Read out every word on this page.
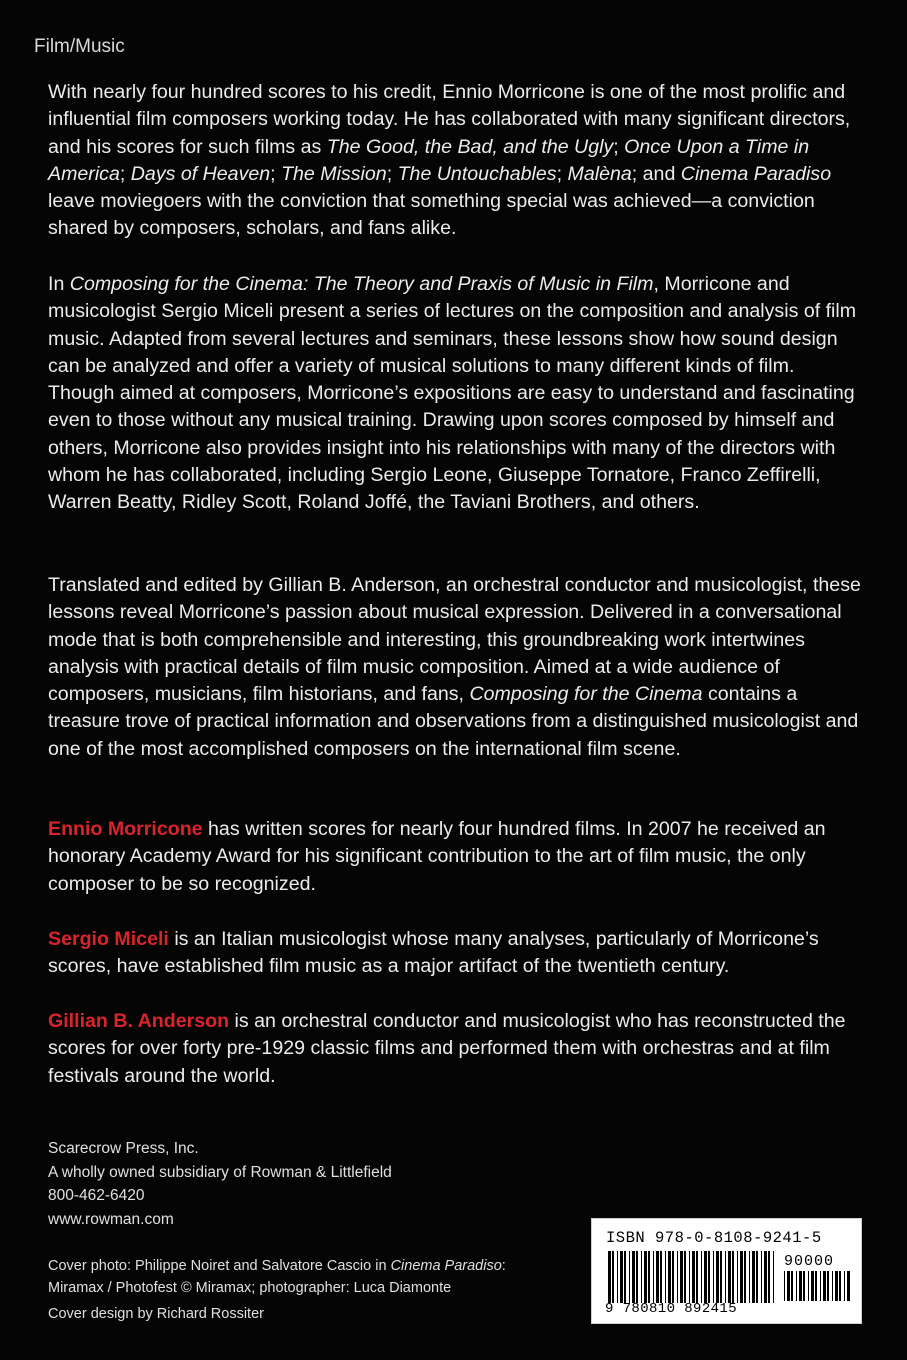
Film/Music
With nearly four hundred scores to his credit, Ennio Morricone is one of the most prolific and influential film composers working today. He has collaborated with many significant directors, and his scores for such films as The Good, the Bad, and the Ugly; Once Upon a Time in America; Days of Heaven; The Mission; The Untouchables; Malèna; and Cinema Paradiso leave moviegoers with the conviction that something special was achieved—a conviction shared by composers, scholars, and fans alike.
In Composing for the Cinema: The Theory and Praxis of Music in Film, Morricone and musicologist Sergio Miceli present a series of lectures on the composition and analysis of film music. Adapted from several lectures and seminars, these lessons show how sound design can be analyzed and offer a variety of musical solutions to many different kinds of film. Though aimed at composers, Morricone’s expositions are easy to understand and fascinating even to those without any musical training. Drawing upon scores composed by himself and others, Morricone also provides insight into his relationships with many of the directors with whom he has collaborated, including Sergio Leone, Giuseppe Tornatore, Franco Zeffirelli, Warren Beatty, Ridley Scott, Roland Joffé, the Taviani Brothers, and others.
Translated and edited by Gillian B. Anderson, an orchestral conductor and musicologist, these lessons reveal Morricone’s passion about musical expression. Delivered in a conversational mode that is both comprehensible and interesting, this groundbreaking work intertwines analysis with practical details of film music composition. Aimed at a wide audience of composers, musicians, film historians, and fans, Composing for the Cinema contains a treasure trove of practical information and observations from a distinguished musicologist and one of the most accomplished composers on the international film scene.
Ennio Morricone has written scores for nearly four hundred films. In 2007 he received an honorary Academy Award for his significant contribution to the art of film music, the only composer to be so recognized.
Sergio Miceli is an Italian musicologist whose many analyses, particularly of Morricone’s scores, have established film music as a major artifact of the twentieth century.
Gillian B. Anderson is an orchestral conductor and musicologist who has reconstructed the scores for over forty pre-1929 classic films and performed them with orchestras and at film festivals around the world.
Scarecrow Press, Inc.
A wholly owned subsidiary of Rowman & Littlefield
800-462-6420
www.rowman.com
Cover photo: Philippe Noiret and Salvatore Cascio in Cinema Paradiso:
Miramax / Photofest © Miramax; photographer: Luca Diamonte
Cover design by Richard Rossiter
ISBN 978-0-8108-9241-5
90000
9 780810 892415
